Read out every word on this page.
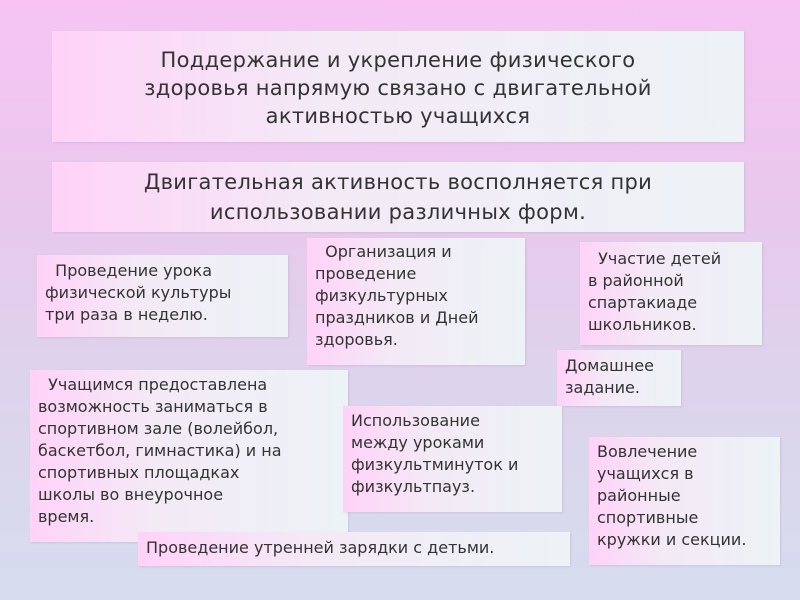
Поддержание и укрепление физического
здоровья напрямую связано с двигательной
активностью учащихся
Двигательная активность восполняется при
использовании различных форм.
Проведение урока
физической культуры
три раза в неделю.
Организация и
проведение
физкультурных
праздников и Дней
здоровья.
Участие детей
в районной
спартакиаде
школьников.
Домашнее
задание.
Учащимся предоставлена
возможность заниматься в
спортивном зале (волейбол,
баскетбол, гимнастика) и на
спортивных площадках
школы во внеурочное
время.
Использование
между уроками
физкультминуток и
физкультпауз.
Вовлечение
учащихся в
районные
спортивные
кружки и секции.
Проведение утренней зарядки с детьми.
